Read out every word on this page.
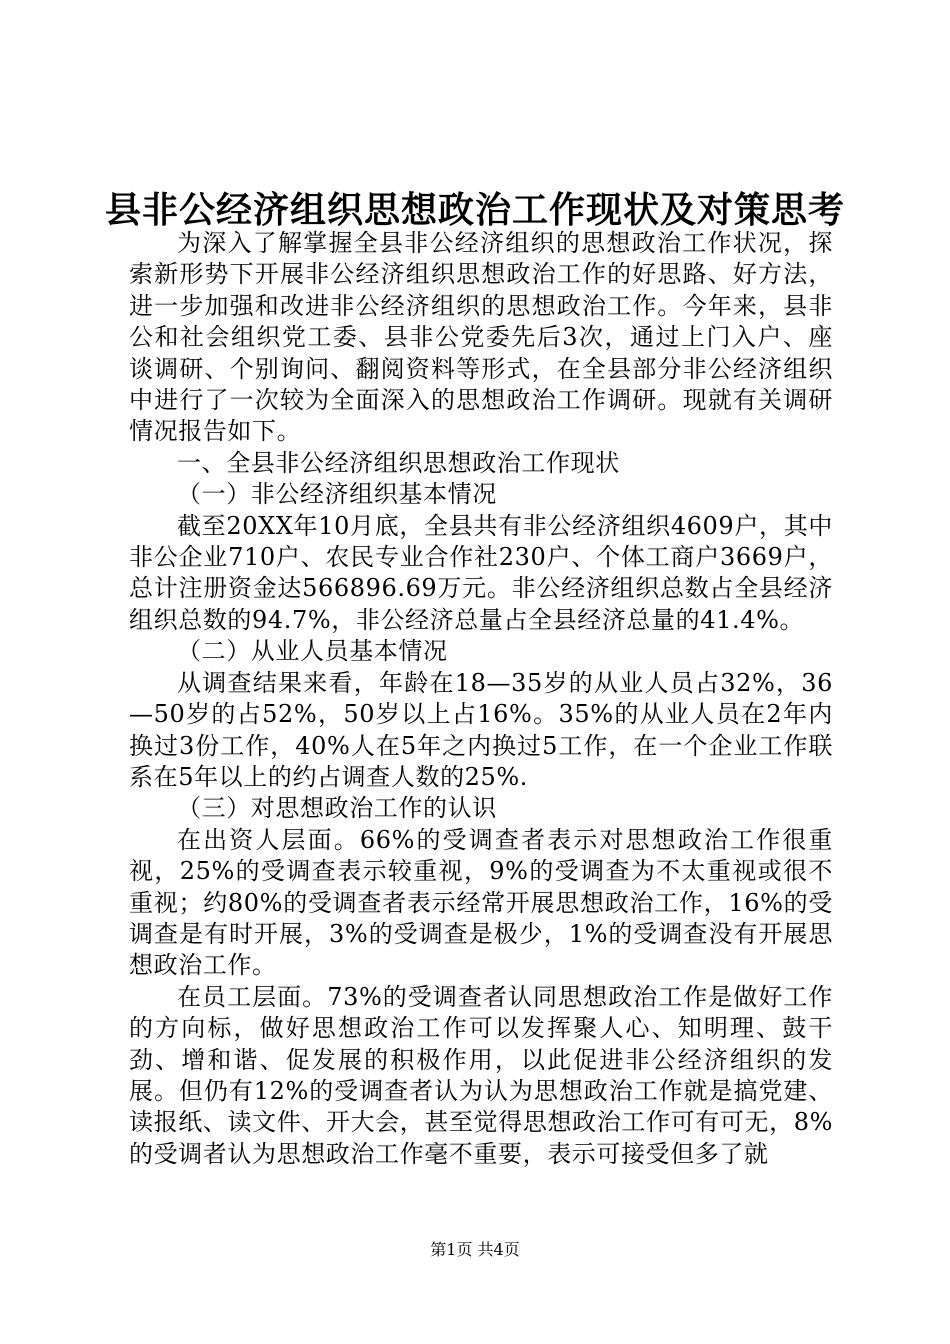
县非公经济组织思想政治工作现状及对策思考

为深入了解掌握全县非公经济组织的思想政治工作状况，探索新形势下开展非公经济组织思想政治工作的好思路、好方法，进一步加强和改进非公经济组织的思想政治工作。今年来，县非公和社会组织党工委、县非公党委先后3次，通过上门入户、座谈调研、个别询问、翻阅资料等形式，在全县部分非公经济组织中进行了一次较为全面深入的思想政治工作调研。现就有关调研情况报告如下。

一、全县非公经济组织思想政治工作现状

（一）非公经济组织基本情况

截至20XX年10月底，全县共有非公经济组织4609户，其中非公企业710户、农民专业合作社230户、个体工商户3669户，总计注册资金达566896.69万元。非公经济组织总数占全县经济组织总数的94.7%，非公经济总量占全县经济总量的41.4%。

（二）从业人员基本情况

从调查结果来看，年龄在18—35岁的从业人员占32%，36—50岁的占52%，50岁以上占16%。35%的从业人员在2年内换过3份工作，40%人在5年之内换过5工作，在一个企业工作联系在5年以上的约占调查人数的25%.

（三）对思想政治工作的认识

在出资人层面。66%的受调查者表示对思想政治工作很重视，25%的受调查表示较重视，9%的受调查为不太重视或很不重视；约80%的受调查者表示经常开展思想政治工作，16%的受调查是有时开展，3%的受调查是极少，1%的受调查没有开展思想政治工作。

在员工层面。73%的受调查者认同思想政治工作是做好工作的方向标，做好思想政治工作可以发挥聚人心、知明理、鼓干劲、增和谐、促发展的积极作用，以此促进非公经济组织的发展。但仍有12%的受调查者认为认为思想政治工作就是搞党建、读报纸、读文件、开大会，甚至觉得思想政治工作可有可无，8%的受调者认为思想政治工作毫不重要，表示可接受但多了就

第1页 共4页
